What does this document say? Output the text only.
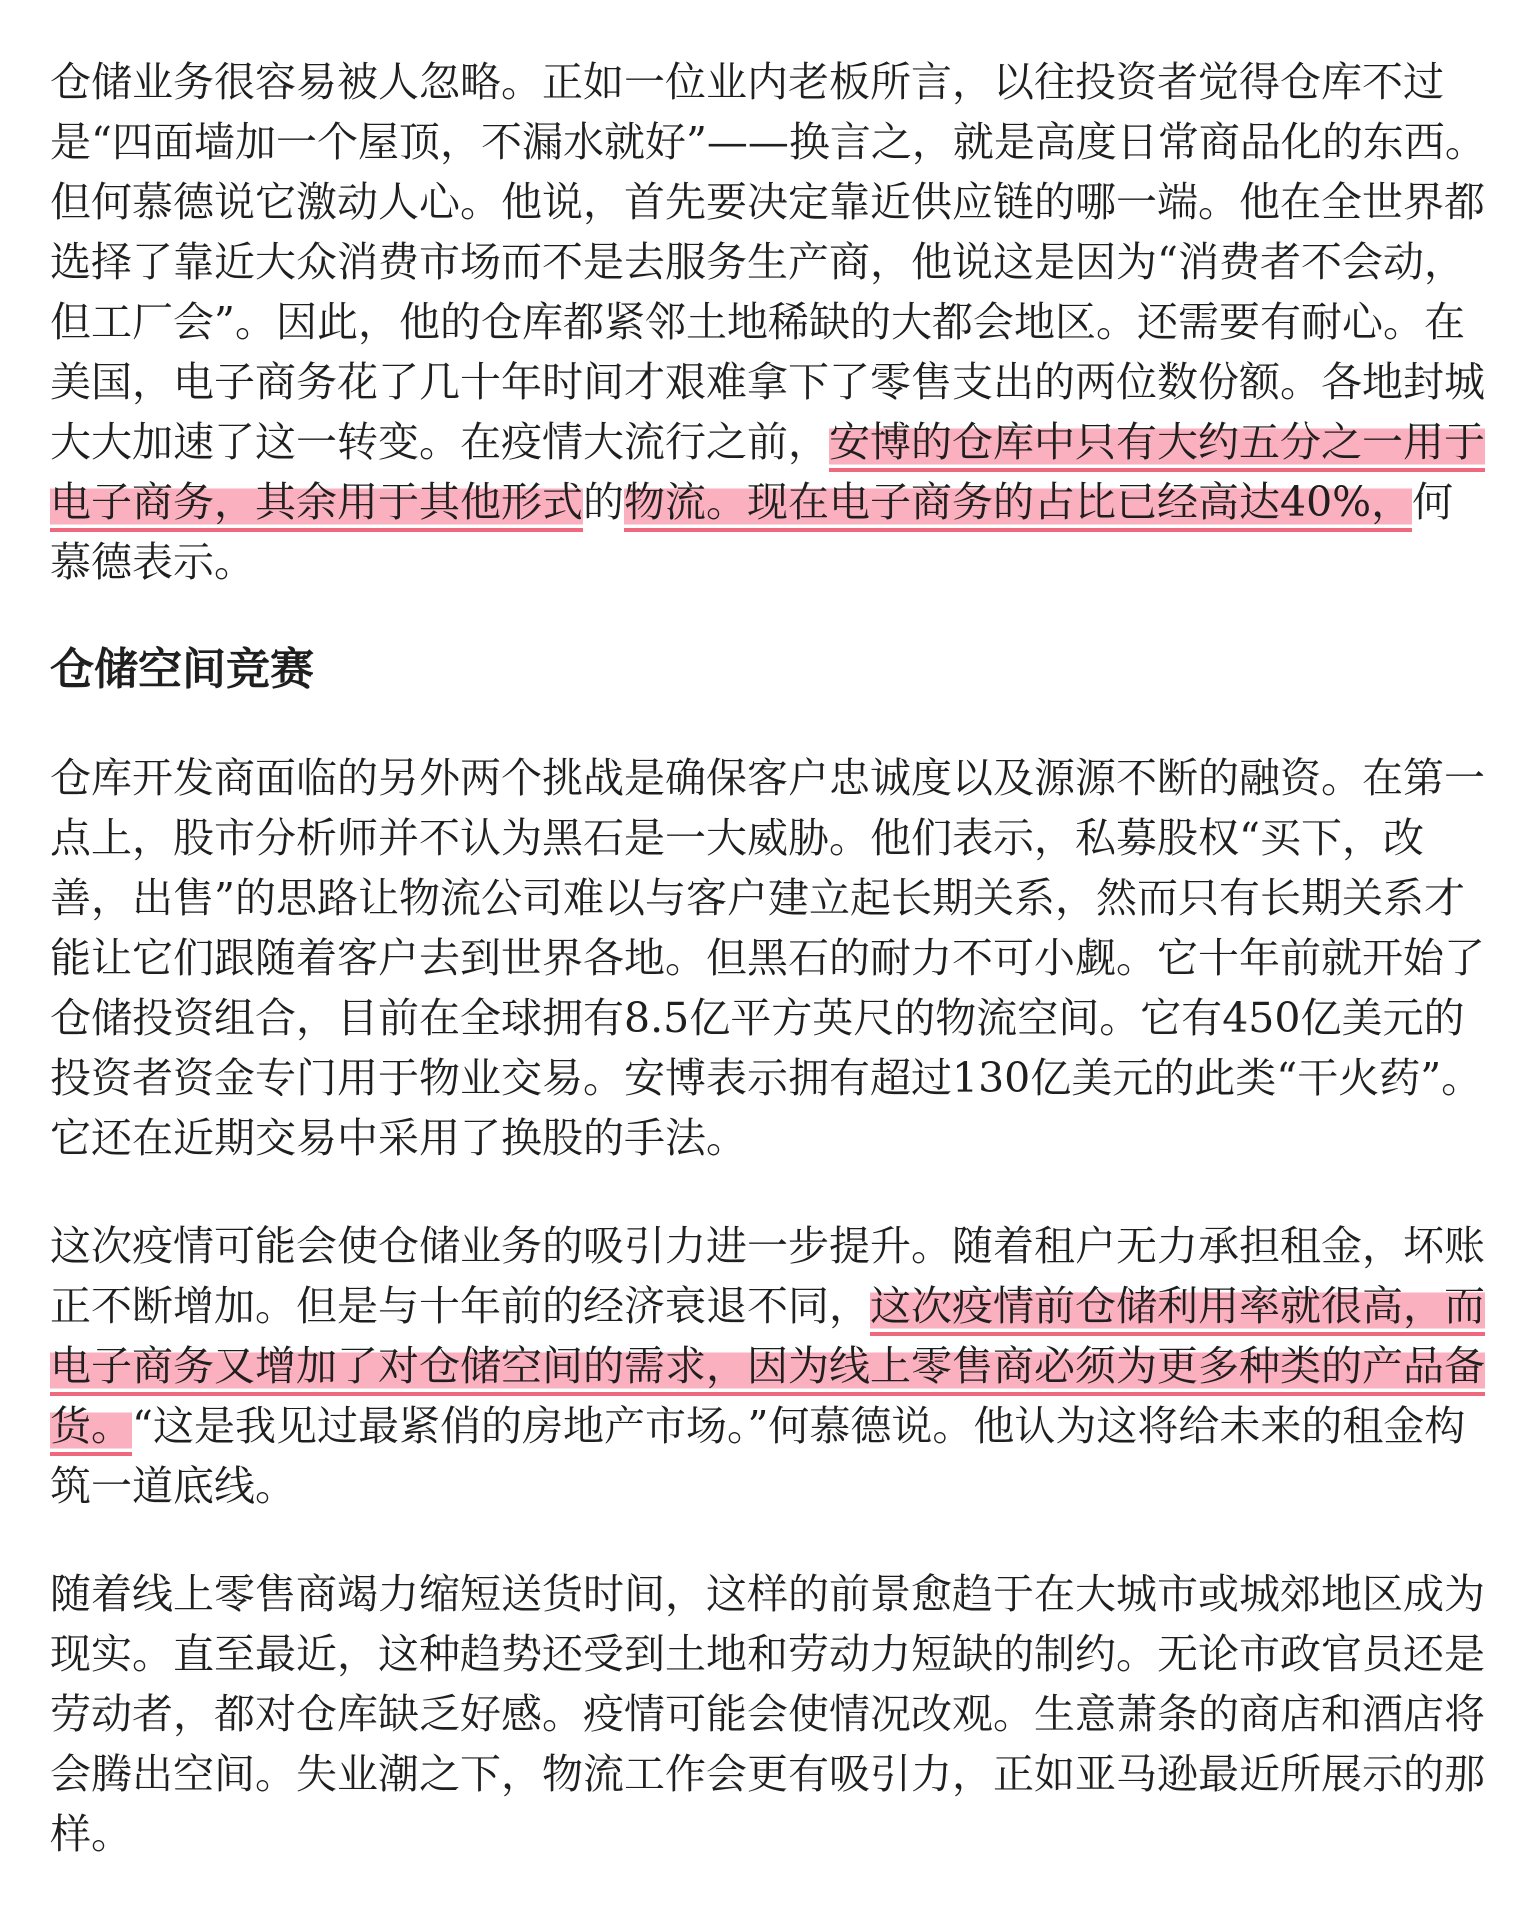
仓储业务很容易被人忽略。正如一位业内老板所言，以往投资者觉得仓库不过是“四面墙加一个屋顶，不漏水就好”——换言之，就是高度日常商品化的东西。但何慕德说它激动人心。他说，首先要决定靠近供应链的哪一端。他在全世界都选择了靠近大众消费市场而不是去服务生产商，他说这是因为“消费者不会动，但工厂会”。因此，他的仓库都紧邻土地稀缺的大都会地区。还需要有耐心。在美国，电子商务花了几十年时间才艰难拿下了零售支出的两位数份额。各地封城大大加速了这一转变。在疫情大流行之前，安博的仓库中只有大约五分之一用于电子商务，其余用于其他形式的物流。现在电子商务的占比已经高达40%，何慕德表示。

仓储空间竞赛

仓库开发商面临的另外两个挑战是确保客户忠诚度以及源源不断的融资。在第一点上，股市分析师并不认为黑石是一大威胁。他们表示，私募股权“买下，改善，出售”的思路让物流公司难以与客户建立起长期关系，然而只有长期关系才能让它们跟随着客户去到世界各地。但黑石的耐力不可小觑。它十年前就开始了仓储投资组合，目前在全球拥有8.5亿平方英尺的物流空间。它有450亿美元的投资者资金专门用于物业交易。安博表示拥有超过130亿美元的此类“干火药”。它还在近期交易中采用了换股的手法。

这次疫情可能会使仓储业务的吸引力进一步提升。随着租户无力承担租金，坏账正不断增加。但是与十年前的经济衰退不同，这次疫情前仓储利用率就很高，而电子商务又增加了对仓储空间的需求，因为线上零售商必须为更多种类的产品备货。“这是我见过最紧俏的房地产市场。”何慕德说。他认为这将给未来的租金构筑一道底线。

随着线上零售商竭力缩短送货时间，这样的前景愈趋于在大城市或城郊地区成为现实。直至最近，这种趋势还受到土地和劳动力短缺的制约。无论市政官员还是劳动者，都对仓库缺乏好感。疫情可能会使情况改观。生意萧条的商店和酒店将会腾出空间。失业潮之下，物流工作会更有吸引力，正如亚马逊最近所展示的那样。
